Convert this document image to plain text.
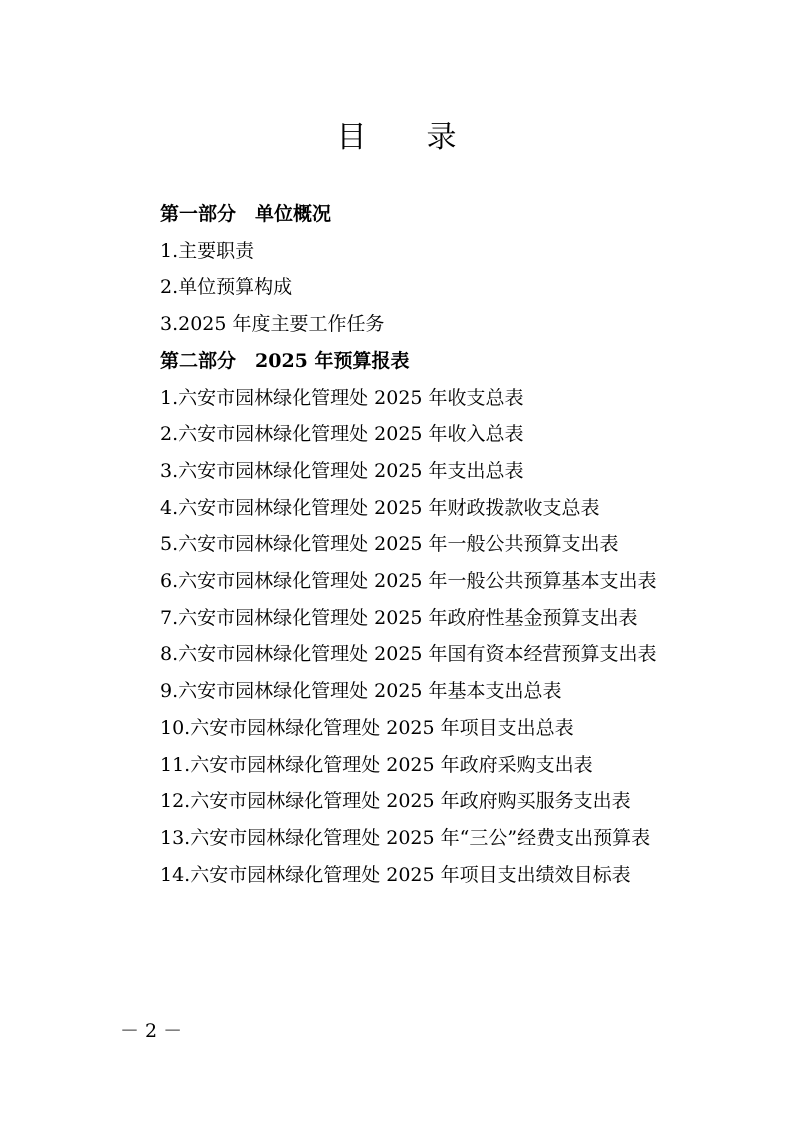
目　　录
第一部分　单位概况
1.主要职责
2.单位预算构成
3.2025 年度主要工作任务
第二部分　2025 年预算报表
1.六安市园林绿化管理处 2025 年收支总表
2.六安市园林绿化管理处 2025 年收入总表
3.六安市园林绿化管理处 2025 年支出总表
4.六安市园林绿化管理处 2025 年财政拨款收支总表
5.六安市园林绿化管理处 2025 年一般公共预算支出表
6.六安市园林绿化管理处 2025 年一般公共预算基本支出表
7.六安市园林绿化管理处 2025 年政府性基金预算支出表
8.六安市园林绿化管理处 2025 年国有资本经营预算支出表
9.六安市园林绿化管理处 2025 年基本支出总表
10.六安市园林绿化管理处 2025 年项目支出总表
11.六安市园林绿化管理处 2025 年政府采购支出表
12.六安市园林绿化管理处 2025 年政府购买服务支出表
13.六安市园林绿化管理处 2025 年“三公”经费支出预算表
14.六安市园林绿化管理处 2025 年项目支出绩效目标表
－ 2 －
